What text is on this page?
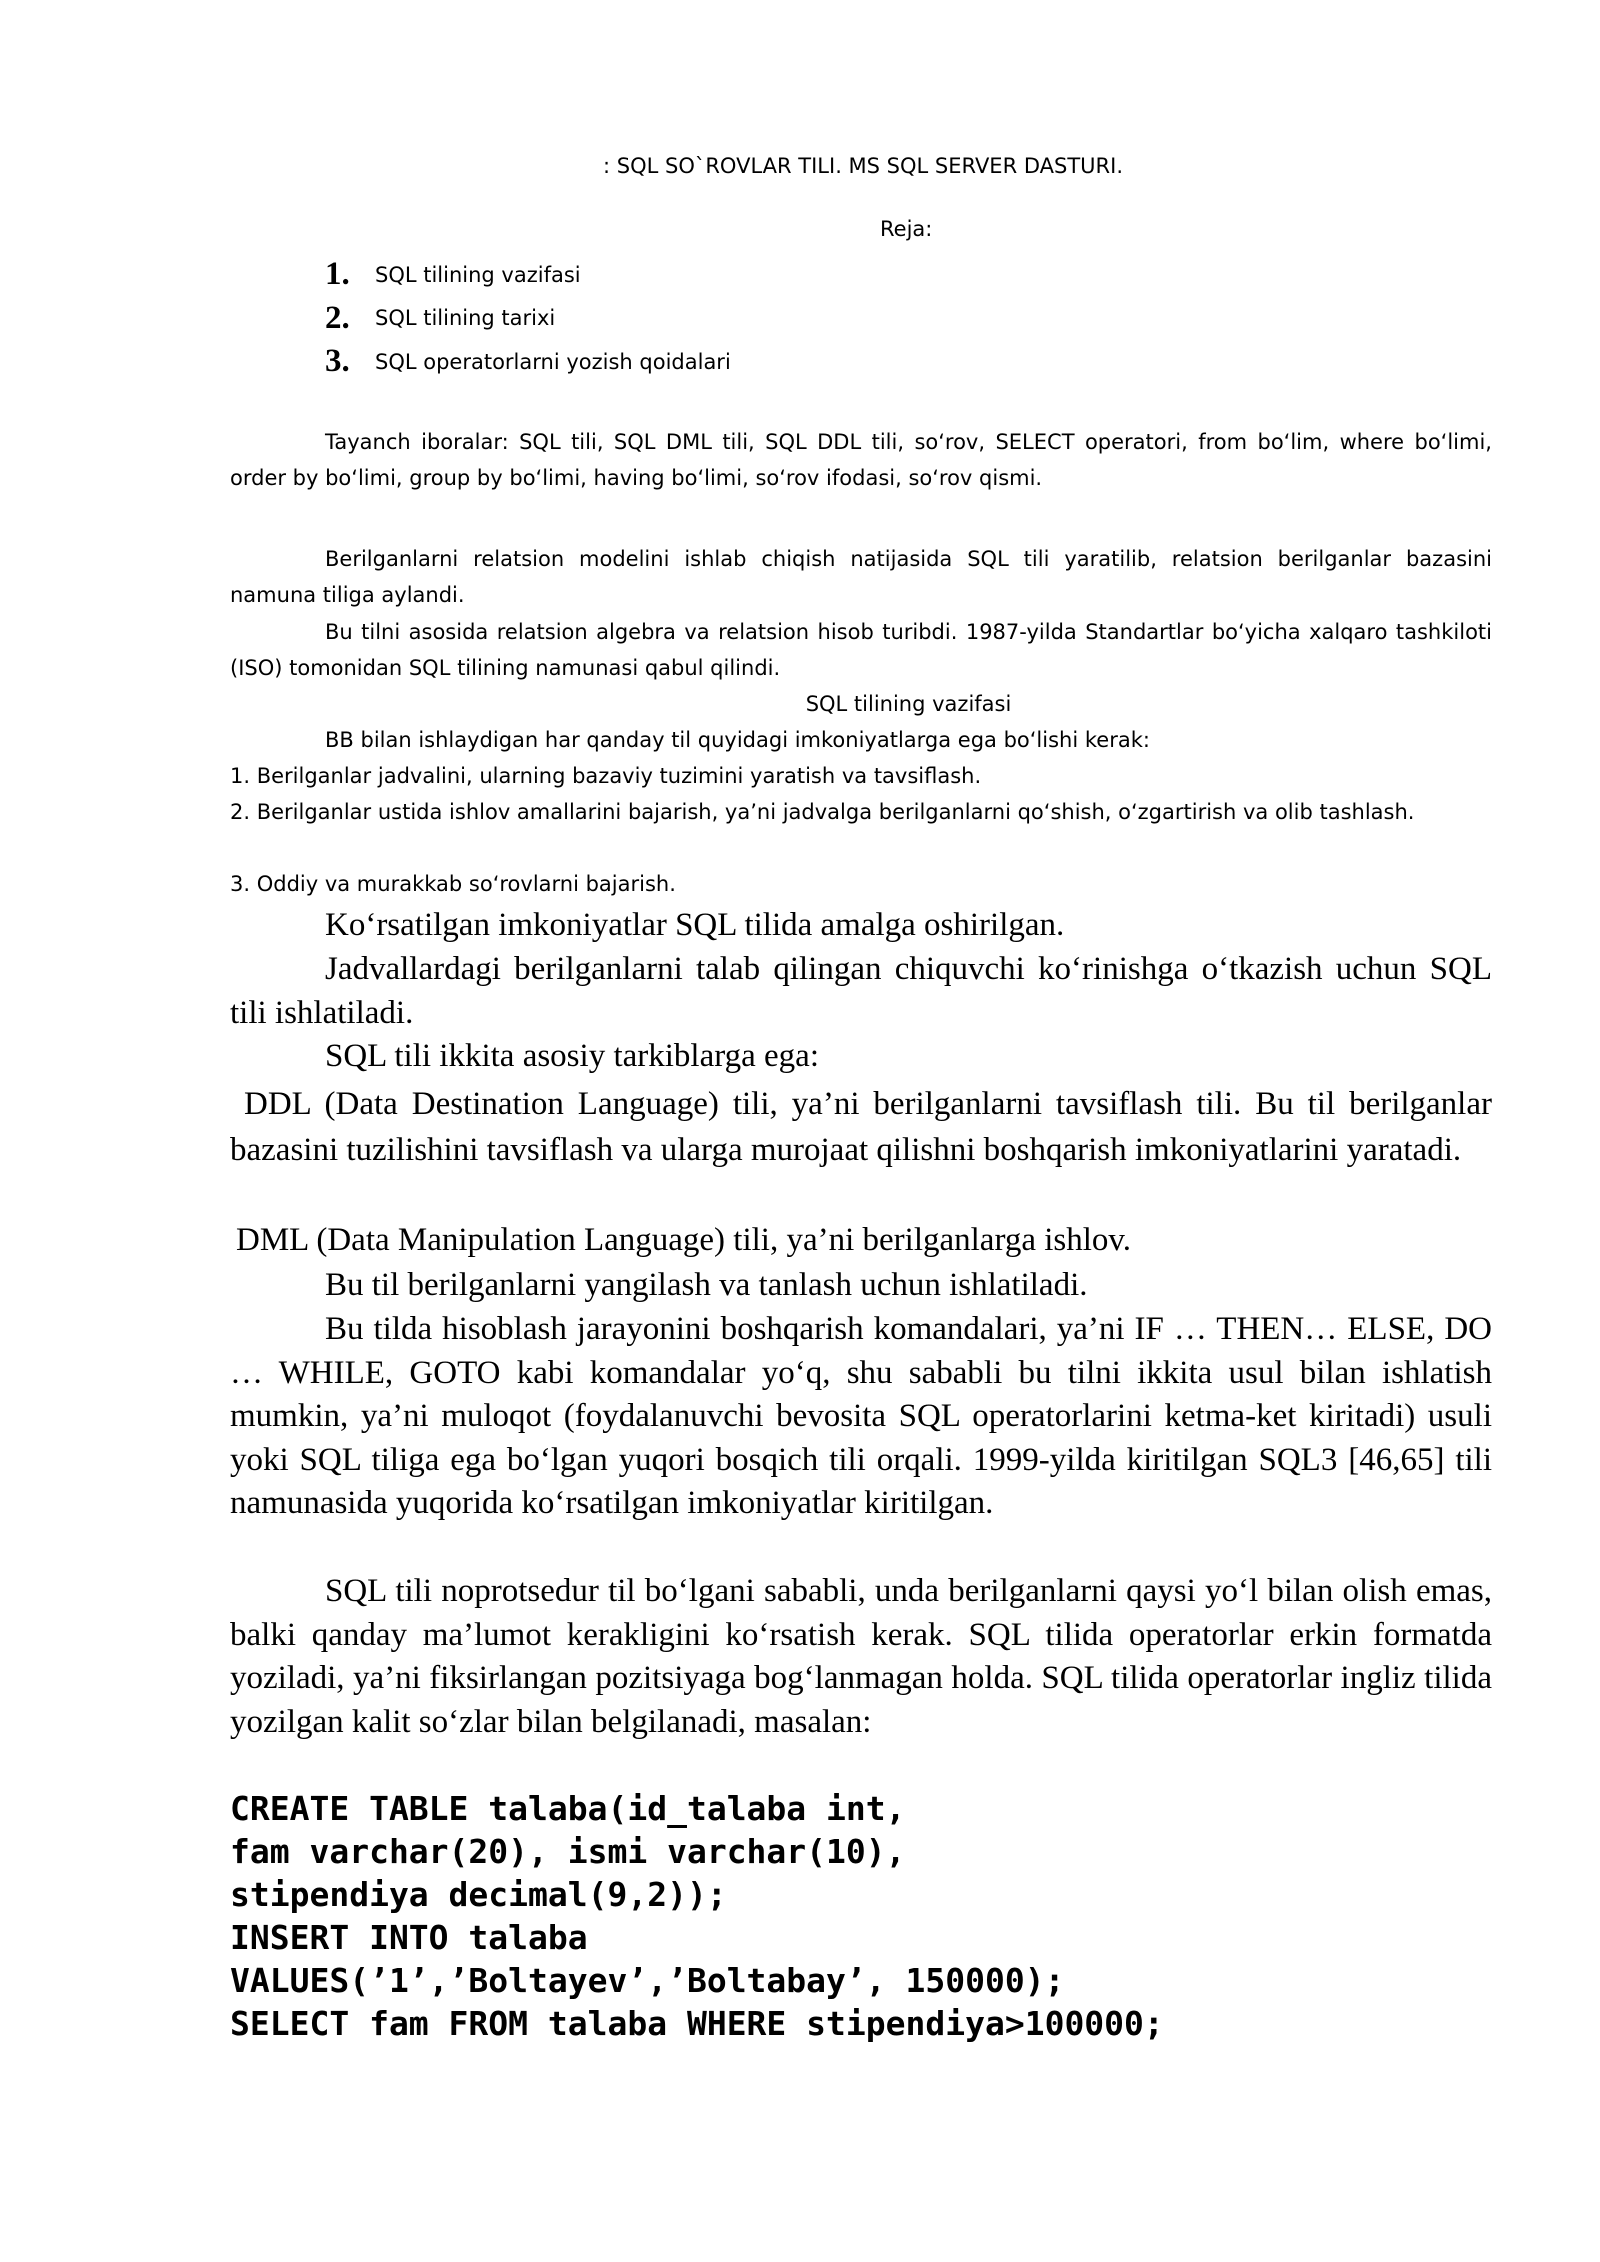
: SQL SO`ROVLAR TILI. MS SQL SERVER DASTURI.
Reja:
1.	SQL tilining vazifasi
2.	SQL tilining tarixi
3.	SQL operatorlarni yozish qoidalari
Tayanch iboralar: SQL tili, SQL DML tili, SQL DDL tili, so‘rov, SELECT operatori, from bo‘lim, where bo‘limi, order by bo‘limi, group by bo‘limi, having bo‘limi, so‘rov ifodasi, so‘rov qismi.
Berilganlarni relatsion modelini ishlab chiqish natijasida SQL tili yaratilib, relatsion berilganlar bazasini namuna tiliga aylandi.
Bu tilni asosida relatsion algebra va relatsion hisob turibdi. 1987-yilda Standartlar bo‘yicha xalqaro tashkiloti (ISO) tomonidan SQL tilining namunasi qabul qilindi.
SQL tilining vazifasi
BB bilan ishlaydigan har qanday til quyidagi imkoniyatlarga ega bo‘lishi kerak:
1. Berilganlar jadvalini, ularning bazaviy tuzimini yaratish va tavsiflash.
2. Berilganlar ustida ishlov amallarini bajarish, ya’ni jadvalga berilganlarni qo‘shish, o‘zgartirish va olib tashlash.
3. Oddiy va murakkab so‘rovlarni bajarish.
Ko‘rsatilgan imkoniyatlar SQL tilida amalga oshirilgan.
Jadvallardagi berilganlarni talab qilingan chiquvchi ko‘rinishga o‘tkazish uchun SQL tili ishlatiladi.
SQL tili ikkita asosiy tarkiblarga ega:
DDL (Data Destination Language) tili, ya’ni berilganlarni tavsiflash tili. Bu til berilganlar bazasini tuzilishini tavsiflash va ularga murojaat qilishni boshqarish imkoniyatlarini yaratadi.
DML (Data Manipulation Language) tili, ya’ni berilganlarga ishlov.
Bu til berilganlarni yangilash va tanlash uchun ishlatiladi.
Bu tilda hisoblash jarayonini boshqarish komandalari, ya’ni IF … THEN… ELSE, DO … WHILE, GOTO kabi komandalar yo‘q, shu sababli bu tilni ikkita usul bilan ishlatish mumkin, ya’ni muloqot (foydalanuvchi bevosita SQL operatorlarini ketma-ket kiritadi) usuli yoki SQL tiliga ega bo‘lgan yuqori bosqich tili orqali. 1999-yilda kiritilgan SQL3 [46,65] tili namunasida yuqorida ko‘rsatilgan imkoniyatlar kiritilgan.
SQL tili noprotsedur til bo‘lgani sababli, unda berilganlarni qaysi yo‘l bilan olish emas, balki qanday ma’lumot kerakligini ko‘rsatish kerak. SQL tilida operatorlar erkin formatda yoziladi, ya’ni fiksirlangan pozitsiyaga bog‘lanmagan holda. SQL tilida operatorlar ingliz tilida yozilgan kalit so‘zlar bilan belgilanadi, masalan:
CREATE TABLE talaba(id_talaba int,
fam varchar(20), ismi varchar(10),
stipendiya decimal(9,2));
INSERT INTO talaba
VALUES(’1’,’Boltayev’,’Boltabay’, 150000);
SELECT fam FROM talaba WHERE stipendiya>100000;
